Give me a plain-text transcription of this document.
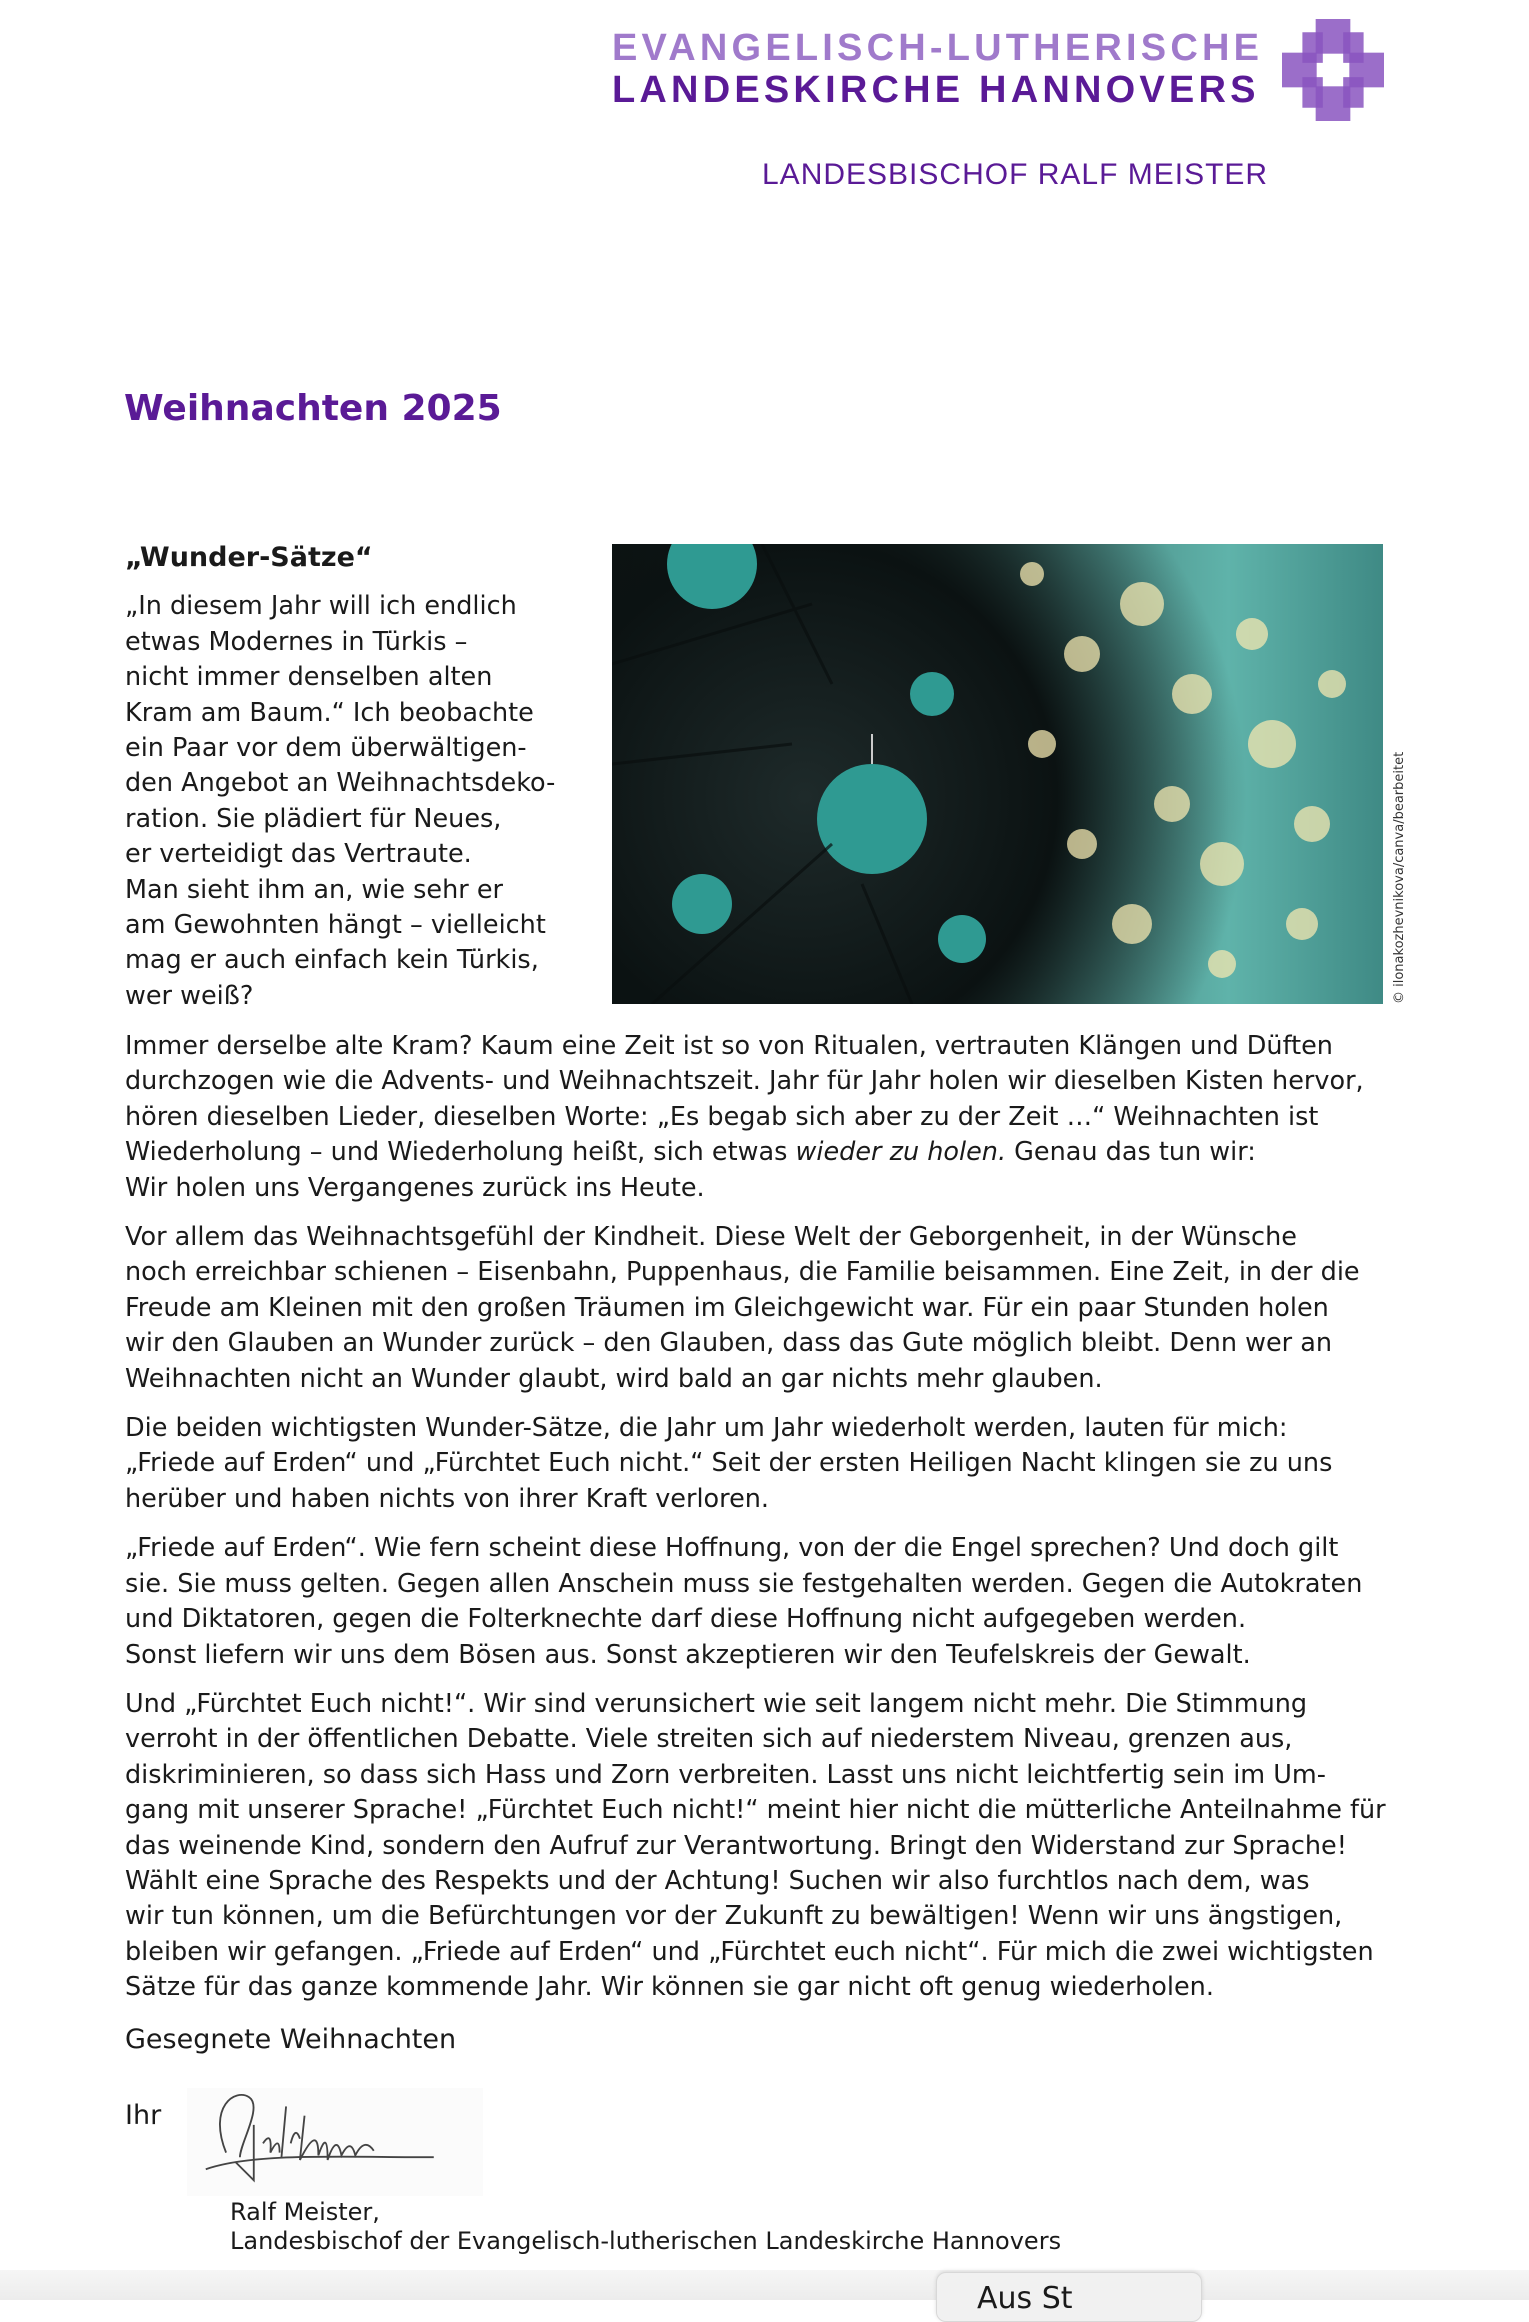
EVANGELISCH-LUTHERISCHE
LANDESKIRCHE HANNOVERS
LANDESBISCHOF RALF MEISTER
Weihnachten 2025
„Wunder-Sätze“
„In diesem Jahr will ich endlich
etwas Modernes in Türkis –
nicht immer denselben alten
Kram am Baum.“ Ich beobachte
ein Paar vor dem überwältigen-
den Angebot an Weihnachtsdeko-
ration. Sie plädiert für Neues,
er verteidigt das Vertraute.
Man sieht ihm an, wie sehr er
am Gewohnten hängt – vielleicht
mag er auch einfach kein Türkis,
wer weiß?	© ilonakozhevnikova/canva/bearbeitet

Immer derselbe alte Kram? Kaum eine Zeit ist so von Ritualen, vertrauten Klängen und Düften
durchzogen wie die Advents- und Weihnachtszeit. Jahr für Jahr holen wir dieselben Kisten hervor,
hören dieselben Lieder, dieselben Worte: „Es begab sich aber zu der Zeit …“ Weihnachten ist
Wiederholung – und Wiederholung heißt, sich etwas wieder zu holen. Genau das tun wir:
Wir holen uns Vergangenes zurück ins Heute.

Vor allem das Weihnachtsgefühl der Kindheit. Diese Welt der Geborgenheit, in der Wünsche
noch erreichbar schienen – Eisenbahn, Puppenhaus, die Familie beisammen. Eine Zeit, in der die
Freude am Kleinen mit den großen Träumen im Gleichgewicht war. Für ein paar Stunden holen
wir den Glauben an Wunder zurück – den Glauben, dass das Gute möglich bleibt. Denn wer an
Weihnachten nicht an Wunder glaubt, wird bald an gar nichts mehr glauben.

Die beiden wichtigsten Wunder-Sätze, die Jahr um Jahr wiederholt werden, lauten für mich:
„Friede auf Erden“ und „Fürchtet Euch nicht.“ Seit der ersten Heiligen Nacht klingen sie zu uns
herüber und haben nichts von ihrer Kraft verloren.

„Friede auf Erden“. Wie fern scheint diese Hoffnung, von der die Engel sprechen? Und doch gilt
sie. Sie muss gelten. Gegen allen Anschein muss sie festgehalten werden. Gegen die Autokraten
und Diktatoren, gegen die Folterknechte darf diese Hoffnung nicht aufgegeben werden.
Sonst liefern wir uns dem Bösen aus. Sonst akzeptieren wir den Teufelskreis der Gewalt.

Und „Fürchtet Euch nicht!“. Wir sind verunsichert wie seit langem nicht mehr. Die Stimmung
verroht in der öffentlichen Debatte. Viele streiten sich auf niederstem Niveau, grenzen aus,
diskriminieren, so dass sich Hass und Zorn verbreiten. Lasst uns nicht leichtfertig sein im Um-
gang mit unserer Sprache! „Fürchtet Euch nicht!“ meint hier nicht die mütterliche Anteilnahme für
das weinende Kind, sondern den Aufruf zur Verantwortung. Bringt den Widerstand zur Sprache!
Wählt eine Sprache des Respekts und der Achtung! Suchen wir also furchtlos nach dem, was
wir tun können, um die Befürchtungen vor der Zukunft zu bewältigen! Wenn wir uns ängstigen,
bleiben wir gefangen. „Friede auf Erden“ und „Fürchtet euch nicht“. Für mich die zwei wichtigsten
Sätze für das ganze kommende Jahr. Wir können sie gar nicht oft genug wiederholen.

Gesegnete Weihnachten
Ihr
Ralf Meister,
Landesbischof der Evangelisch-lutherischen Landeskirche Hannovers
Aus St
